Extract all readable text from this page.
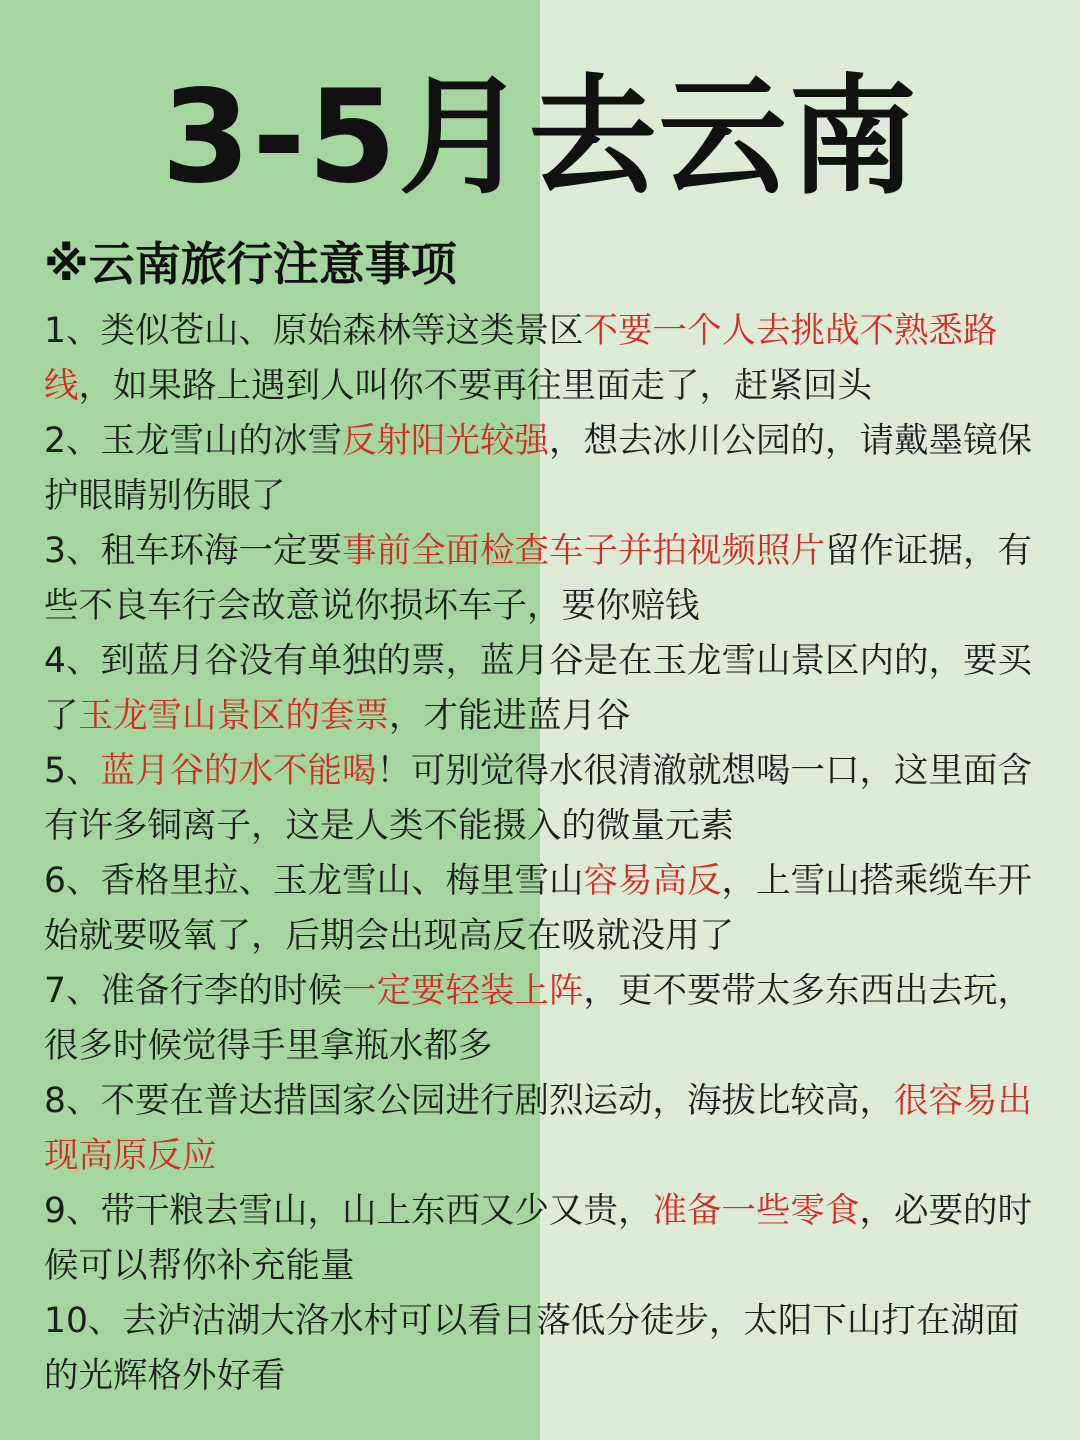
3-5月去云南
※云南旅行注意事项

1、类似苍山、原始森林等这类景区不要一个人去挑战不熟悉路线，如果路上遇到人叫你不要再往里面走了，赶紧回头

2、玉龙雪山的冰雪反射阳光较强，想去冰川公园的，请戴墨镜保护眼睛别伤眼了

3、租车环海一定要事前全面检查车子并拍视频照片留作证据，有些不良车行会故意说你损坏车子，要你赔钱

4、到蓝月谷没有单独的票，蓝月谷是在玉龙雪山景区内的，要买了玉龙雪山景区的套票，才能进蓝月谷

5、蓝月谷的水不能喝！可别觉得水很清澈就想喝一口，这里面含有许多铜离子，这是人类不能摄入的微量元素

6、香格里拉、玉龙雪山、梅里雪山容易高反，上雪山搭乘缆车开始就要吸氧了，后期会出现高反在吸就没用了

7、准备行李的时候一定要轻装上阵，更不要带太多东西出去玩，很多时候觉得手里拿瓶水都多

8、不要在普达措国家公园进行剧烈运动，海拔比较高，很容易出现高原反应

9、带干粮去雪山，山上东西又少又贵，准备一些零食，必要的时候可以帮你补充能量

10、去泸沽湖大洛水村可以看日落低分徒步，太阳下山打在湖面的光辉格外好看
